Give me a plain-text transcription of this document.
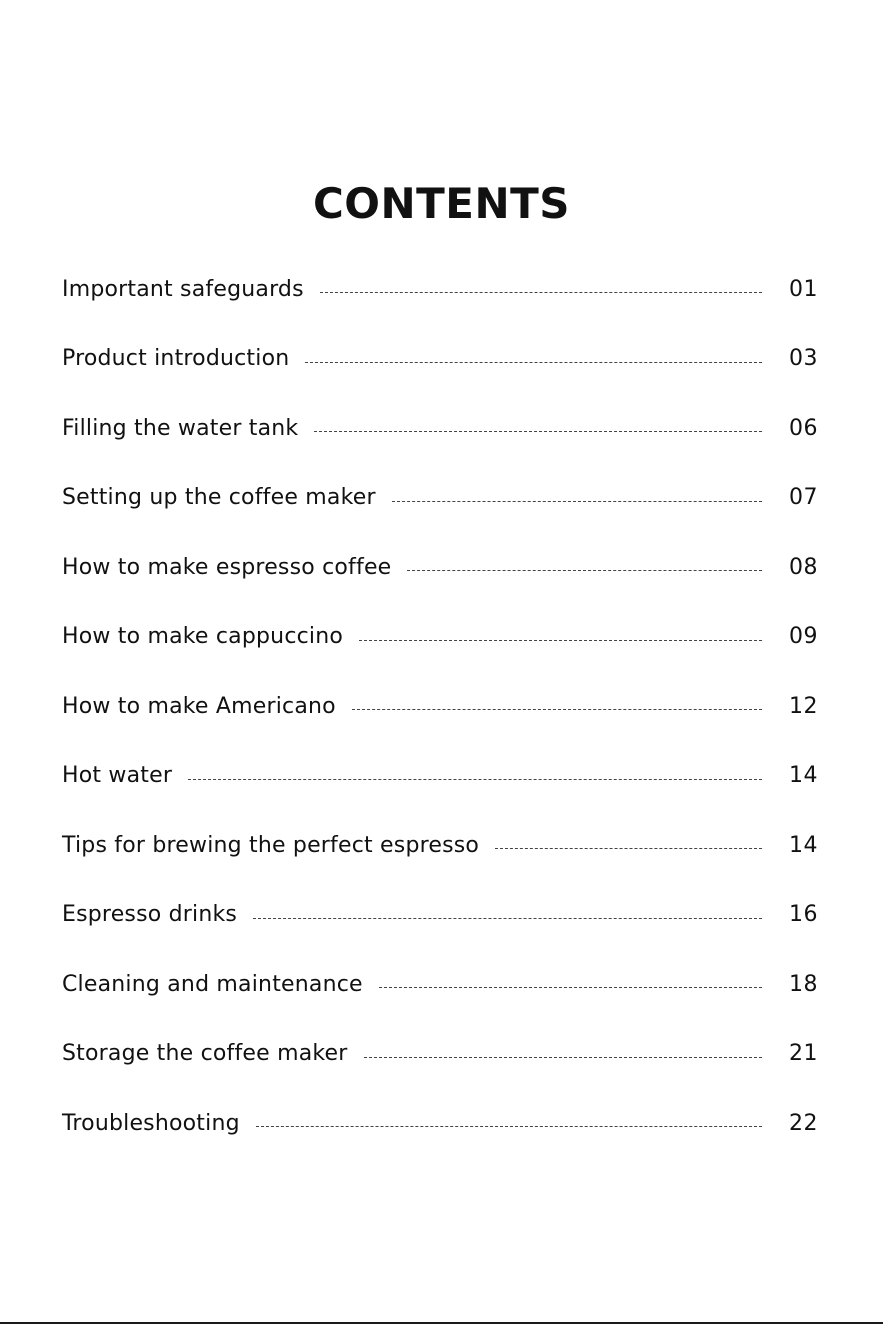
CONTENTS
Important safeguards	01
Product introduction	03
Filling the water tank	06
Setting up the coffee maker	07
How to make espresso coffee	08
How to make cappuccino	09
How to make Americano	12
Hot water	14
Tips for brewing the perfect espresso	14
Espresso drinks	16
Cleaning and maintenance	18
Storage the coffee maker	21
Troubleshooting	22
